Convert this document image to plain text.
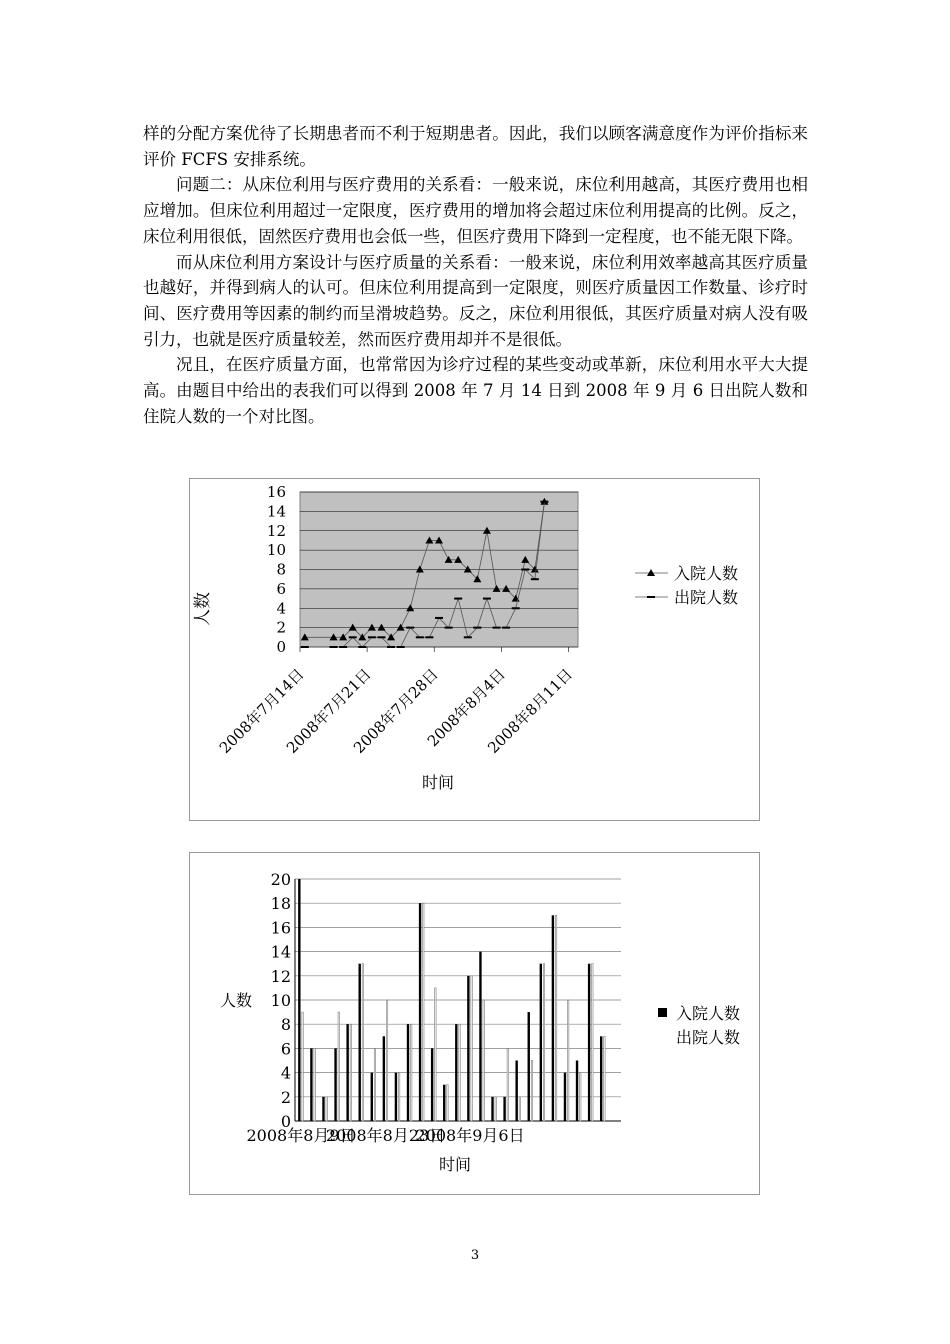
样的分配方案优待了长期患者而不利于短期患者。因此，我们以顾客满意度作为评价指标来评价 FCFS 安排系统。

问题二：从床位利用与医疗费用的关系看：一般来说，床位利用越高，其医疗费用也相应增加。但床位利用超过一定限度，医疗费用的增加将会超过床位利用提高的比例。反之，床位利用很低，固然医疗费用也会低一些，但医疗费用下降到一定程度，也不能无限下降。

而从床位利用方案设计与医疗质量的关系看：一般来说，床位利用效率越高其医疗质量也越好，并得到病人的认可。但床位利用提高到一定限度，则医疗质量因工作数量、诊疗时间、医疗费用等因素的制约而呈滑坡趋势。反之，床位利用很低，其医疗质量对病人没有吸引力，也就是医疗质量较差，然而医疗费用却并不是很低。

况且，在医疗质量方面，也常常因为诊疗过程的某些变动或革新，床位利用水平大大提高。由题目中给出的表我们可以得到 2008 年 7 月 14 日到 2008 年 9 月 6 日出院人数和住院人数的一个对比图。

0
2
4
6
8
10
12
14
16
2008年7月14日
2008年7月21日
2008年7月28日
2008年8月4日
2008年8月11日
人数
时间
入院人数
出院人数
0
2
4
6
8
10
12
14
16
18
20
2008年8月9日
2008年8月23日
2008年9月6日
人数
时间
入院人数
出院人数
3
